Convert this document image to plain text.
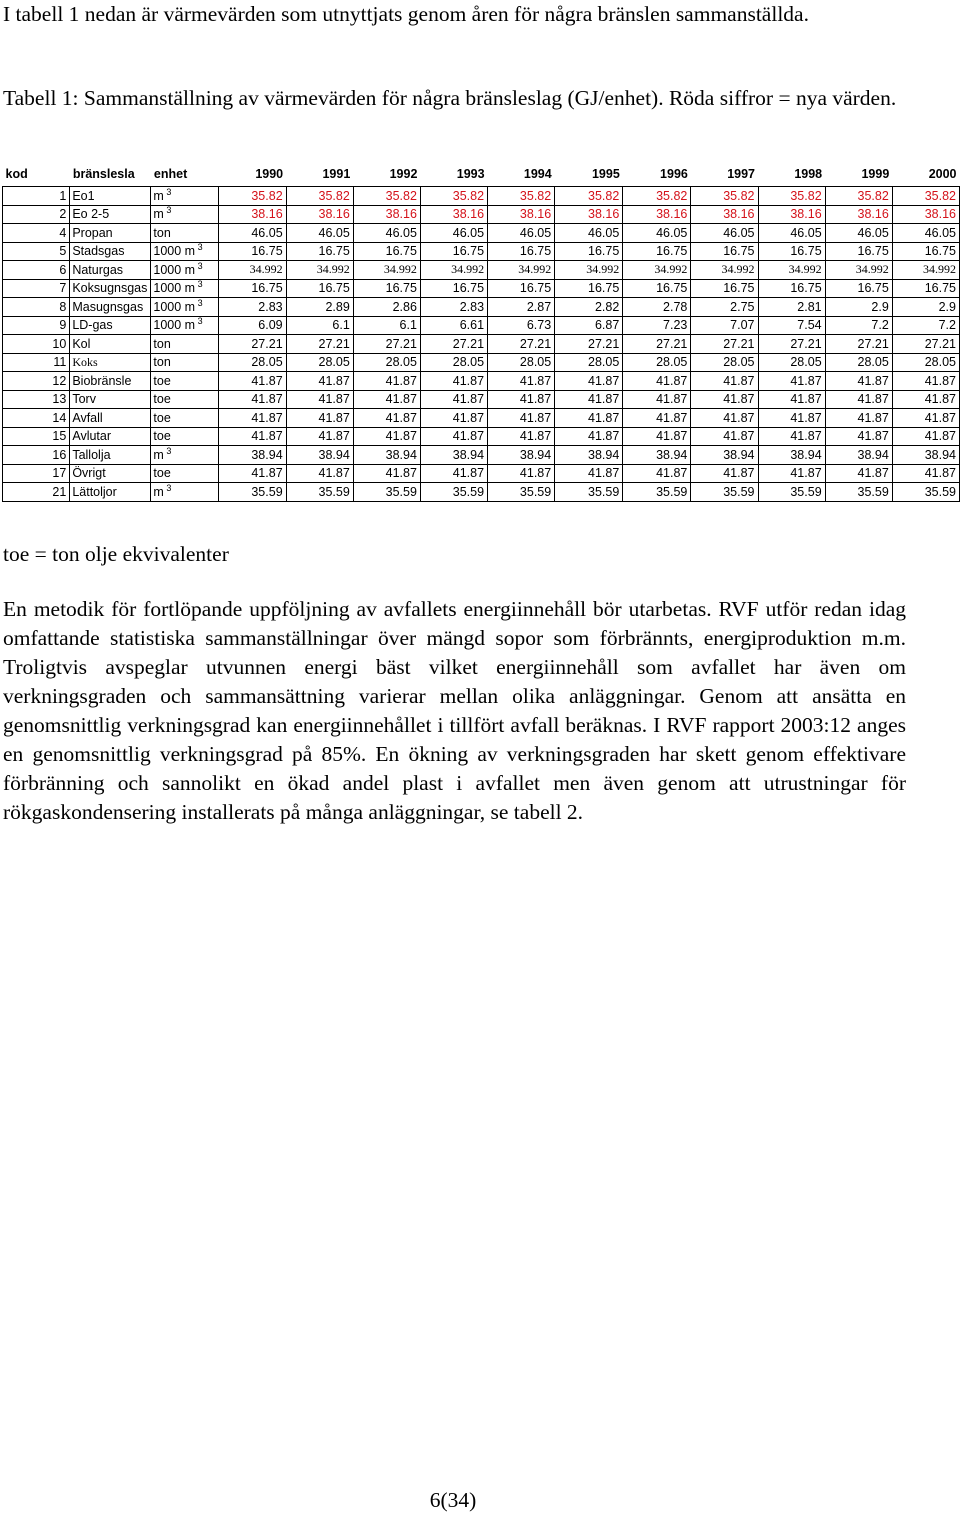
I tabell 1 nedan är värmevärden som utnyttjats genom åren för några bränslen sammanställda.

Tabell 1: Sammanställning av värmevärden för några bränsleslag (GJ/enhet). Röda siffror = nya värden.

kod	bränslesla	enhet	1990	1991	1992	1993	1994	1995	1996	1997	1998	1999	2000
1	Eo1	m $^3$	35.82	35.82	35.82	35.82	35.82	35.82	35.82	35.82	35.82	35.82	35.82
2	Eo 2-5	m $^3$	38.16	38.16	38.16	38.16	38.16	38.16	38.16	38.16	38.16	38.16	38.16
4	Propan	ton	46.05	46.05	46.05	46.05	46.05	46.05	46.05	46.05	46.05	46.05	46.05
5	Stadsgas	1000 m $^3$	16.75	16.75	16.75	16.75	16.75	16.75	16.75	16.75	16.75	16.75	16.75
6	Naturgas	1000 m $^3$	34.992	34.992	34.992	34.992	34.992	34.992	34.992	34.992	34.992	34.992	34.992
7	Koksugnsgas	1000 m $^3$	16.75	16.75	16.75	16.75	16.75	16.75	16.75	16.75	16.75	16.75	16.75
8	Masugnsgas	1000 m $^3$	2.83	2.89	2.86	2.83	2.87	2.82	2.78	2.75	2.81	2.9	2.9
9	LD-gas	1000 m $^3$	6.09	6.1	6.1	6.61	6.73	6.87	7.23	7.07	7.54	7.2	7.2
10	Kol	ton	27.21	27.21	27.21	27.21	27.21	27.21	27.21	27.21	27.21	27.21	27.21
11	Koks	ton	28.05	28.05	28.05	28.05	28.05	28.05	28.05	28.05	28.05	28.05	28.05
12	Biobränsle	toe	41.87	41.87	41.87	41.87	41.87	41.87	41.87	41.87	41.87	41.87	41.87
13	Torv	toe	41.87	41.87	41.87	41.87	41.87	41.87	41.87	41.87	41.87	41.87	41.87
14	Avfall	toe	41.87	41.87	41.87	41.87	41.87	41.87	41.87	41.87	41.87	41.87	41.87
15	Avlutar	toe	41.87	41.87	41.87	41.87	41.87	41.87	41.87	41.87	41.87	41.87	41.87
16	Tallolja	m $^3$	38.94	38.94	38.94	38.94	38.94	38.94	38.94	38.94	38.94	38.94	38.94
17	Övrigt	toe	41.87	41.87	41.87	41.87	41.87	41.87	41.87	41.87	41.87	41.87	41.87
21	Lättoljor	m $^3$	35.59	35.59	35.59	35.59	35.59	35.59	35.59	35.59	35.59	35.59	35.59

toe = ton olje ekvivalenter

En metodik för fortlöpande uppföljning av avfallets energiinnehåll bör utarbetas. RVF utför redan idag omfattande statistiska sammanställningar över mängd sopor som förbrännts, energiproduktion m.m. Troligtvis avspeglar utvunnen energi bäst vilket energiinnehåll som avfallet har även om verkningsgraden och sammansättning varierar mellan olika anläggningar. Genom att ansätta en genomsnittlig verkningsgrad kan energiinnehållet i tillfört avfall beräknas. I RVF rapport 2003:12 anges en genomsnittlig verkningsgrad på 85%. En ökning av verkningsgraden har skett genom effektivare förbränning och sannolikt en ökad andel plast i avfallet men även genom att utrustningar för rökgaskondensering installerats på många anläggningar, se tabell 2.

6(34)
